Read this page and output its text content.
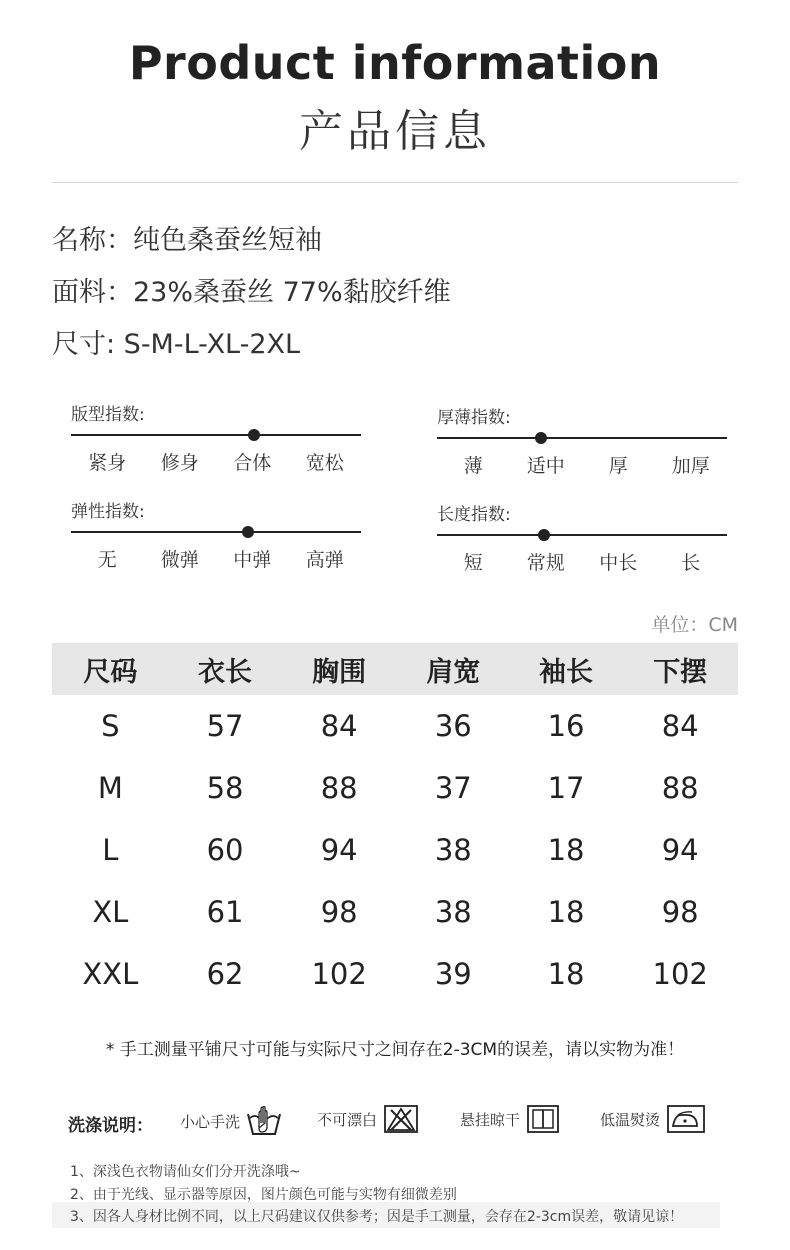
Product information
产品信息
名称：纯色桑蚕丝短袖
面料：23%桑蚕丝 77%黏胶纤维
尺寸: S-M-L-XL-2XL
版型指数:
紧身	修身	合体	宽松
厚薄指数:
薄	适中	厚	加厚
弹性指数:
无	微弹	中弹	高弹
长度指数:
短	常规	中长	长
单位：CM
尺码	衣长	胸围	肩宽	袖长	下摆
S	57	84	36	16	84
M	58	88	37	17	88
L	60	94	38	18	94
XL	61	98	38	18	98
XXL	62	102	39	18	102
* 手工测量平铺尺寸可能与实际尺寸之间存在2-3CM的误差，请以实物为准！
洗涤说明： 小心手洗	不可漂白	悬挂晾干	低温熨烫
1、深浅色衣物请仙女们分开洗涤哦~
2、由于光线、显示器等原因，图片颜色可能与实物有细微差别
3、因各人身材比例不同，以上尺码建议仅供参考；因是手工测量，会存在2-3cm误差，敬请见谅！
